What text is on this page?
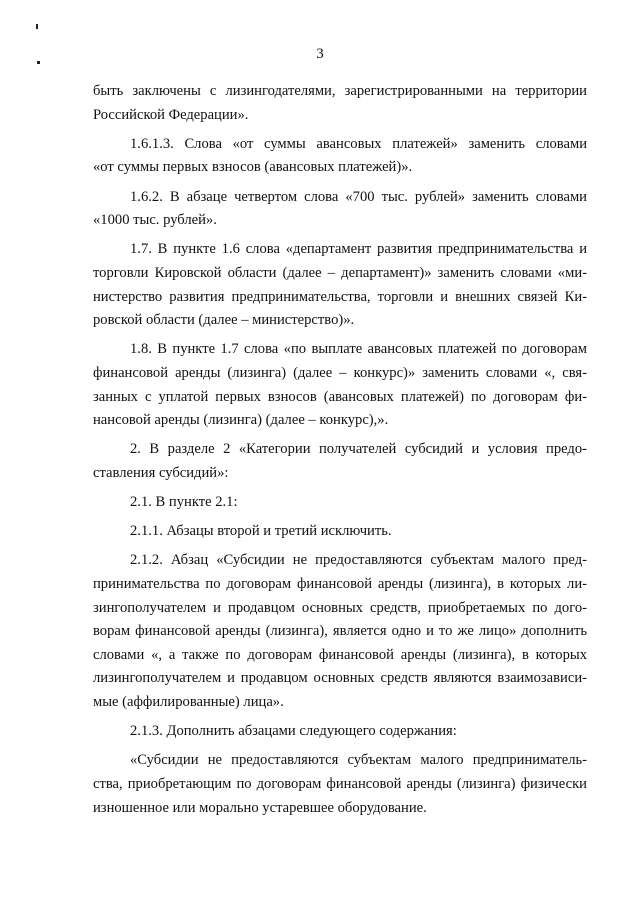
3
быть заключены с лизингодателями, зарегистрированными на территории
Российской Федерации».
1.6.1.3. Слова «от суммы авансовых платежей» заменить словами
«от суммы первых взносов (авансовых платежей)».
1.6.2. В абзаце четвертом слова «700 тыс. рублей» заменить словами
«1000 тыс. рублей».
1.7. В пункте 1.6 слова «департамент развития предпринимательства и
торговли Кировской области (далее – департамент)» заменить словами «ми-
нистерство развития предпринимательства, торговли и внешних связей Ки-
ровской области (далее – министерство)».
1.8. В пункте 1.7 слова «по выплате авансовых платежей по договорам
финансовой аренды (лизинга) (далее – конкурс)» заменить словами «, свя-
занных с уплатой первых взносов (авансовых платежей) по договорам фи-
нансовой аренды (лизинга) (далее – конкурс),».
2. В разделе 2 «Категории получателей субсидий и условия предо-
ставления субсидий»:
2.1. В пункте 2.1:
2.1.1. Абзацы второй и третий исключить.
2.1.2. Абзац «Субсидии не предоставляются субъектам малого пред-
принимательства по договорам финансовой аренды (лизинга), в которых ли-
зингополучателем и продавцом основных средств, приобретаемых по дого-
ворам финансовой аренды (лизинга), является одно и то же лицо» дополнить
словами «, а также по договорам финансовой аренды (лизинга), в которых
лизингополучателем и продавцом основных средств являются взаимозависи-
мые (аффилированные) лица».
2.1.3. Дополнить абзацами следующего содержания:
«Субсидии не предоставляются субъектам малого предприниматель-
ства, приобретающим по договорам финансовой аренды (лизинга) физически
изношенное или морально устаревшее оборудование.
